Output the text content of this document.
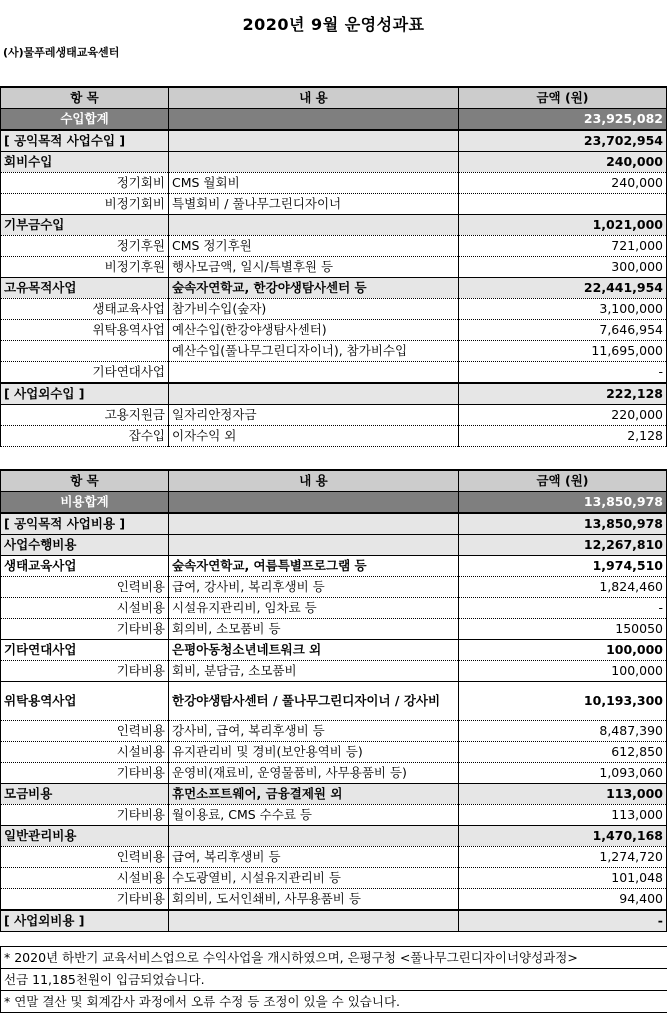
2020년 9월 운영성과표
(사)물푸레생태교육센터
항 목	내 용	금액 (원)
수입합계		23,925,082
[ 공익목적 사업수입 ]		23,702,954
회비수입		240,000
정기회비	CMS 월회비	240,000
비정기회비	특별회비 / 풀나무그린디자이너	
기부금수입		1,021,000
정기후원	CMS 정기후원	721,000
비정기후원	행사모금액, 일시/특별후원 등	300,000
고유목적사업	숲속자연학교, 한강야생탐사센터 등	22,441,954
생태교육사업	참가비수입(숲자)	3,100,000
위탁용역사업	예산수입(한강야생탐사센터)	7,646,954
	예산수입(풀나무그린디자이너), 참가비수입	11,695,000
기타연대사업		-
[ 사업외수입 ]		222,128
고용지원금	일자리안정자금	220,000
잡수입	이자수익 외	2,128
항 목	내 용	금액 (원)
비용합계		13,850,978
[ 공익목적 사업비용 ]		13,850,978
사업수행비용		12,267,810
생태교육사업	숲속자연학교, 여름특별프로그램 등	1,974,510
인력비용	급여, 강사비, 복리후생비 등	1,824,460
시설비용	시설유지관리비, 임차료 등	-
기타비용	회의비, 소모품비 등	150050
기타연대사업	은평아동청소년네트워크 외	100,000
기타비용	회비, 분담금, 소모품비	100,000
위탁용역사업	한강야생탐사센터 / 풀나무그린디자이너 / 강사비	10,193,300
인력비용	강사비, 급여, 복리후생비 등	8,487,390
시설비용	유지관리비 및 경비(보안용역비 등)	612,850
기타비용	운영비(재료비, 운영물품비, 사무용품비 등)	1,093,060
모금비용	휴먼소프트웨어, 금융결제원 외	113,000
기타비용	월이용료, CMS 수수료 등	113,000
일반관리비용		1,470,168
인력비용	급여, 복리후생비 등	1,274,720
시설비용	수도광열비, 시설유지관리비 등	101,048
기타비용	회의비, 도서인쇄비, 사무용품비 등	94,400
[ 사업외비용 ]		-
* 2020년 하반기 교육서비스업으로 수익사업을 개시하였으며, 은평구청 <풀나무그린디자이너양성과정>
선금 11,185천원이 입금되었습니다.
* 연말 결산 및 회계감사 과정에서 오류 수정 등 조정이 있을 수 있습니다.
